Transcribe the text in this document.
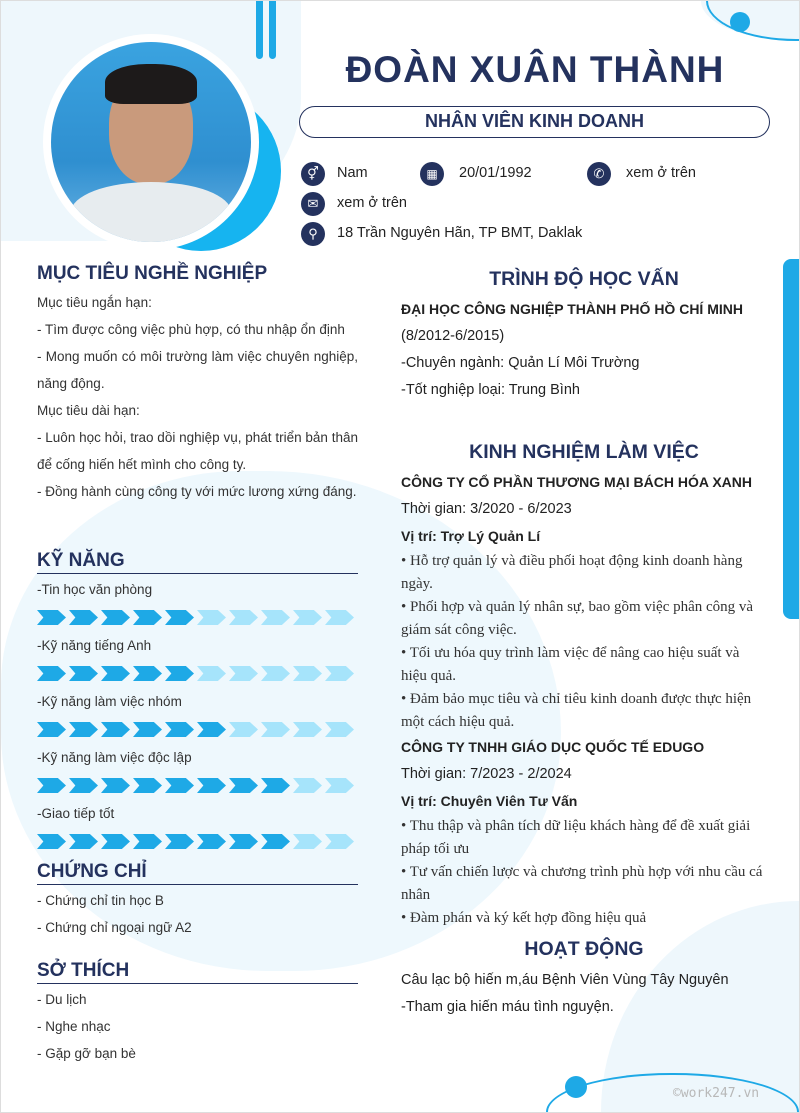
ĐOÀN XUÂN THÀNH
NHÂN VIÊN KINH DOANH
⚥	Nam	▦	20/01/1992	✆	xem ở trên
✉	xem ở trên
⚲	18 Trần Nguyên Hãn, TP BMT, Daklak
MỤC TIÊU NGHỀ NGHIỆP
Mục tiêu ngắn hạn:
- Tìm được công việc phù hợp, có thu nhập ổn định
- Mong muốn có môi trường làm việc chuyên nghiệp, năng động.
Mục tiêu dài hạn:
- Luôn học hỏi, trao dồi nghiệp vụ, phát triển bản thân để cống hiến hết mình cho công ty.
- Đồng hành cùng công ty với mức lương xứng đáng.
KỸ NĂNG
-Tin học văn phòng
-Kỹ năng tiếng Anh
-Kỹ năng làm việc nhóm
-Kỹ năng làm việc độc lập
-Giao tiếp tốt
CHỨNG CHỈ
- Chứng chỉ tin học B
- Chứng chỉ ngoại ngữ A2
SỞ THÍCH
- Du lịch
- Nghe nhạc
- Gặp gỡ bạn bè
TRÌNH ĐỘ HỌC VẤN
ĐẠI HỌC CÔNG NGHIỆP THÀNH PHỐ HỒ CHÍ MINH
(8/2012-6/2015)
-Chuyên ngành: Quản Lí Môi Trường
-Tốt nghiệp loại: Trung Bình
KINH NGHIỆM LÀM VIỆC
CÔNG TY CỔ PHẦN THƯƠNG MẠI BÁCH HÓA XANH
Thời gian: 3/2020 - 6/2023
Vị trí: Trợ Lý Quản Lí
• Hỗ trợ quản lý và điều phối hoạt động kinh doanh hàng ngày.
• Phối hợp và quản lý nhân sự, bao gồm việc phân công và giám sát công việc.
• Tối ưu hóa quy trình làm việc để nâng cao hiệu suất và hiệu quả.
• Đảm bảo mục tiêu và chỉ tiêu kinh doanh được thực hiện một cách hiệu quả.
CÔNG TY TNHH GIÁO DỤC QUỐC TẾ EDUGO
Thời gian: 7/2023 - 2/2024
Vị trí: Chuyên Viên Tư Vấn
• Thu thập và phân tích dữ liệu khách hàng để đề xuất giải pháp tối ưu
• Tư vấn chiến lược và chương trình phù hợp với nhu cầu cá nhân
• Đàm phán và ký kết hợp đồng hiệu quả
HOẠT ĐỘNG
Câu lạc bộ hiến m,áu Bệnh Viên Vùng Tây Nguyên
-Tham gia hiến máu tình nguyện.
©work247.vn
